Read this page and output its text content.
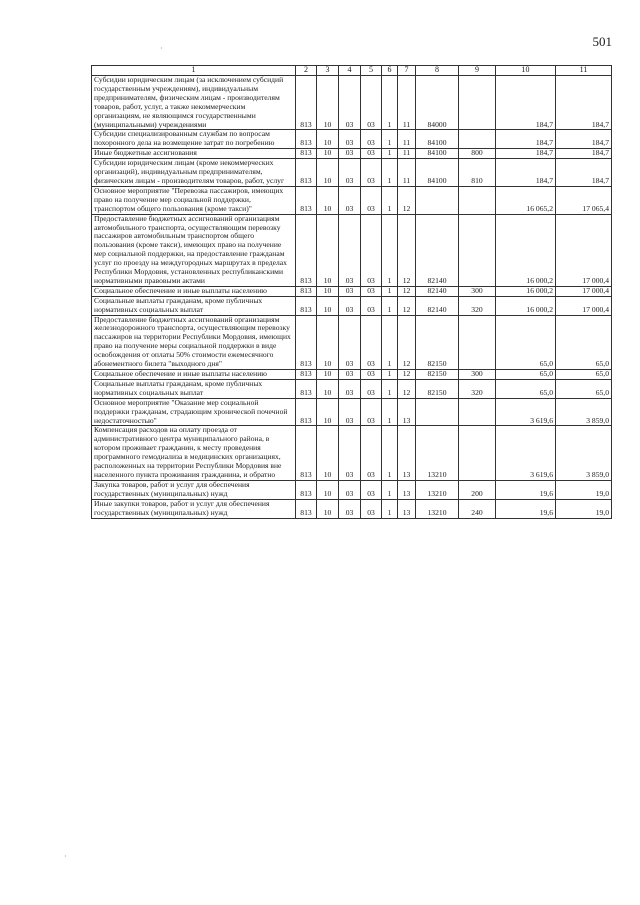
501
·
·
1	2	3	4	5	6	7	8	9	10	11
Субсидии юридическим лицам (за исключением субсидий государственным учреждениям), индивидуальным предпринимателям, физическим лицам - производителям товаров, работ, услуг, а также некоммерческим организациям, не являющимся государственными (муниципальными) учреждениями	813	10	03	03	1	11	84000		184,7	184,7
Субсидии специализированным службам по вопросам похоронного дела на возмещение затрат по погребению	813	10	03	03	1	11	84100		184,7	184,7
Иные бюджетные ассигнования	813	10	03	03	1	11	84100	800	184,7	184,7
Субсидии юридическим лицам (кроме некоммерческих организаций), индивидуальным предпринимателям, физическим лицам - производителям товаров, работ, услуг	813	10	03	03	1	11	84100	810	184,7	184,7
Основное мероприятие "Перевозка пассажиров, имеющих право на получение мер социальной поддержки, транспортом общего пользования (кроме такси)"	813	10	03	03	1	12			16 065,2	17 065,4
Предоставление бюджетных ассигнований организациям автомобильного транспорта, осуществляющим перевозку пассажиров автомобильным транспортом общего пользования (кроме такси), имеющих право на получение мер социальной поддержки, на предоставление гражданам услуг по проезду на междугородных маршрутах в пределах Республики Мордовия, установленных республиканскими нормативными правовыми актами	813	10	03	03	1	12	82140		16 000,2	17 000,4
Социальное обеспечение и иные выплаты населению	813	10	03	03	1	12	82140	300	16 000,2	17 000,4
Социальные выплаты гражданам, кроме публичных нормативных социальных выплат	813	10	03	03	1	12	82140	320	16 000,2	17 000,4
Предоставление бюджетных ассигнований организациям железнодорожного транспорта, осуществляющим перевозку пассажиров на территории Республики Мордовия, имеющих право на получение меры социальной поддержки в виде освобождения от оплаты 50% стоимости ежемесячного абонементного билета "выходного дня"	813	10	03	03	1	12	82150		65,0	65,0
Социальное обеспечение и иные выплаты населению	813	10	03	03	1	12	82150	300	65,0	65,0
Социальные выплаты гражданам, кроме публичных нормативных социальных выплат	813	10	03	03	1	12	82150	320	65,0	65,0
Основное мероприятие "Оказание мер социальной поддержки гражданам, страдающим хронической почечной недостаточностью"	813	10	03	03	1	13			3 619,6	3 859,0
Компенсация расходов на оплату проезда от административного центра муниципального района, в котором проживает гражданин, к месту проведения программного гемодиализа в медицинских организациях, расположенных на территории Республики Мордовия вне населенного пункта проживания гражданина, и обратно	813	10	03	03	1	13	13210		3 619,6	3 859,0
Закупка товаров, работ и услуг для обеспечения государственных (муниципальных) нужд	813	10	03	03	1	13	13210	200	19,6	19,0
Иные закупки товаров, работ и услуг для обеспечения государственных (муниципальных) нужд	813	10	03	03	1	13	13210	240	19,6	19,0
